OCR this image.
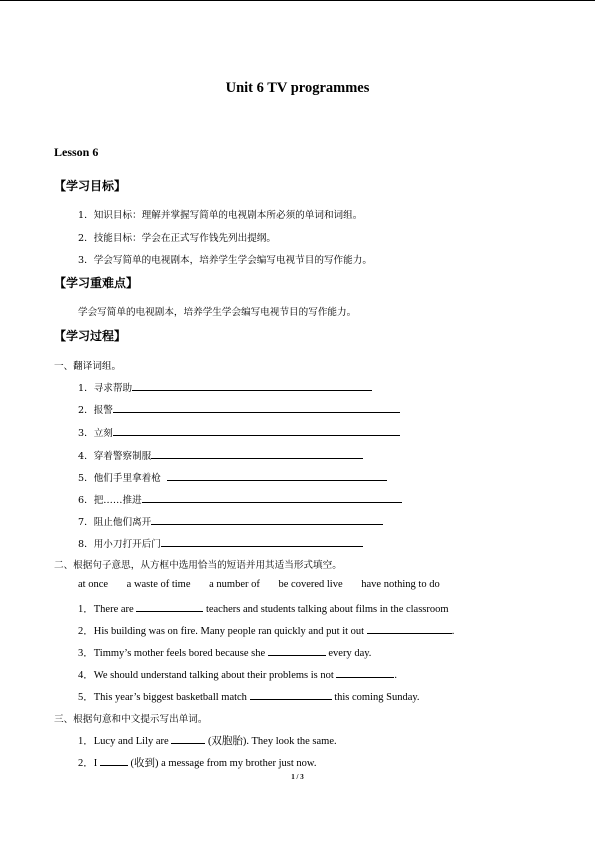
Unit 6 TV programmes
Lesson 6
【学习目标】
1．知识目标：理解并掌握写简单的电视剧本所必须的单词和词组。
2．技能目标：学会在正式写作钱先列出提纲。
3．学会写简单的电视剧本，培养学生学会编写电视节目的写作能力。
【学习重难点】
学会写简单的电视剧本，培养学生学会编写电视节目的写作能力。
【学习过程】
一、翻译词组。
1．寻求帮助
2．报警
3．立刻
4．穿着警察制服
5．他们手里拿着枪
6．把……推进
7．阻止他们离开
8．用小刀打开后门
二、根据句子意思，从方框中选用恰当的短语并用其适当形式填空。
at once a waste of time a number of be covered live have nothing to do
1．There are	teachers and students talking about films in the classroom
2．His building was on fire. Many people ran quickly and put it out	.
3．Timmy’s mother feels bored because she	every day.
4．We should understand talking about their problems is not	.
5．This year’s biggest basketball match	this coming Sunday.
三、根据句意和中文提示写出单词。
1．Lucy and Lily are	(双胞胎). They look the same.
2．I	(收到) a message from my brother just now.
1 / 3
